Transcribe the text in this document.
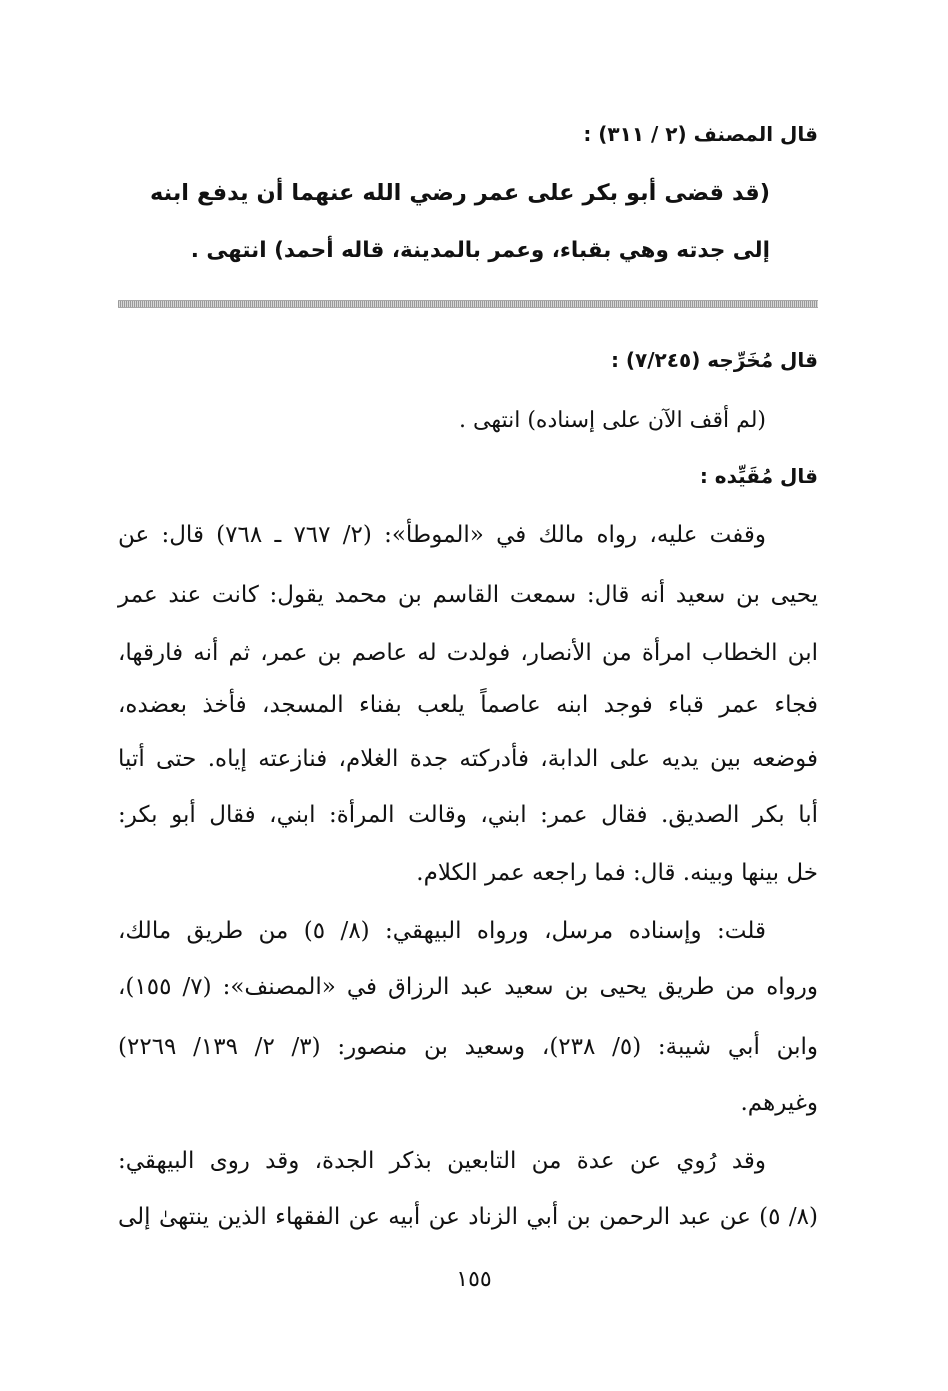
قال المصنف (٢ / ٣١١) :
(قد قضى أبو بكر على عمر رضي الله عنهما أن يدفع ابنه
إلى جدته وهي بقباء، وعمر بالمدينة، قاله أحمد) انتهى .
قال مُخَرِّجه (٧/٢٤٥) :
(لم أقف الآن على إسناده) انتهى .
قال مُقَيِّده :
وقفت عليه، رواه مالك في «الموطأ»: (٢/ ٧٦٧ ـ ٧٦٨) قال: عن
يحيى بن سعيد أنه قال: سمعت القاسم بن محمد يقول: كانت عند عمر
ابن الخطاب امرأة من الأنصار، فولدت له عاصم بن عمر، ثم أنه فارقها،
فجاء عمر قباء فوجد ابنه عاصماً يلعب بفناء المسجد، فأخذ بعضده،
فوضعه بين يديه على الدابة، فأدركته جدة الغلام، فنازعته إياه. حتى أتيا
أبا بكر الصديق. فقال عمر: ابني، وقالت المرأة: ابني، فقال أبو بكر:
خل بينها وبينه. قال: فما راجعه عمر الكلام.
قلت: وإسناده مرسل، ورواه البيهقي: (٨/ ٥) من طريق مالك،
ورواه من طريق يحيى بن سعيد عبد الرزاق في «المصنف»: (٧/ ١٥٥)،
وابن أبي شيبة: (٥/ ٢٣٨)، وسعيد بن منصور: (٣/ ٢/ ١٣٩/ ٢٢٦٩)
وغيرهم.
وقد رُوي عن عدة من التابعين بذكر الجدة، وقد روى البيهقي:
(٨/ ٥) عن عبد الرحمن بن أبي الزناد عن أبيه عن الفقهاء الذين ينتهىٰ إلى
١٥٥
